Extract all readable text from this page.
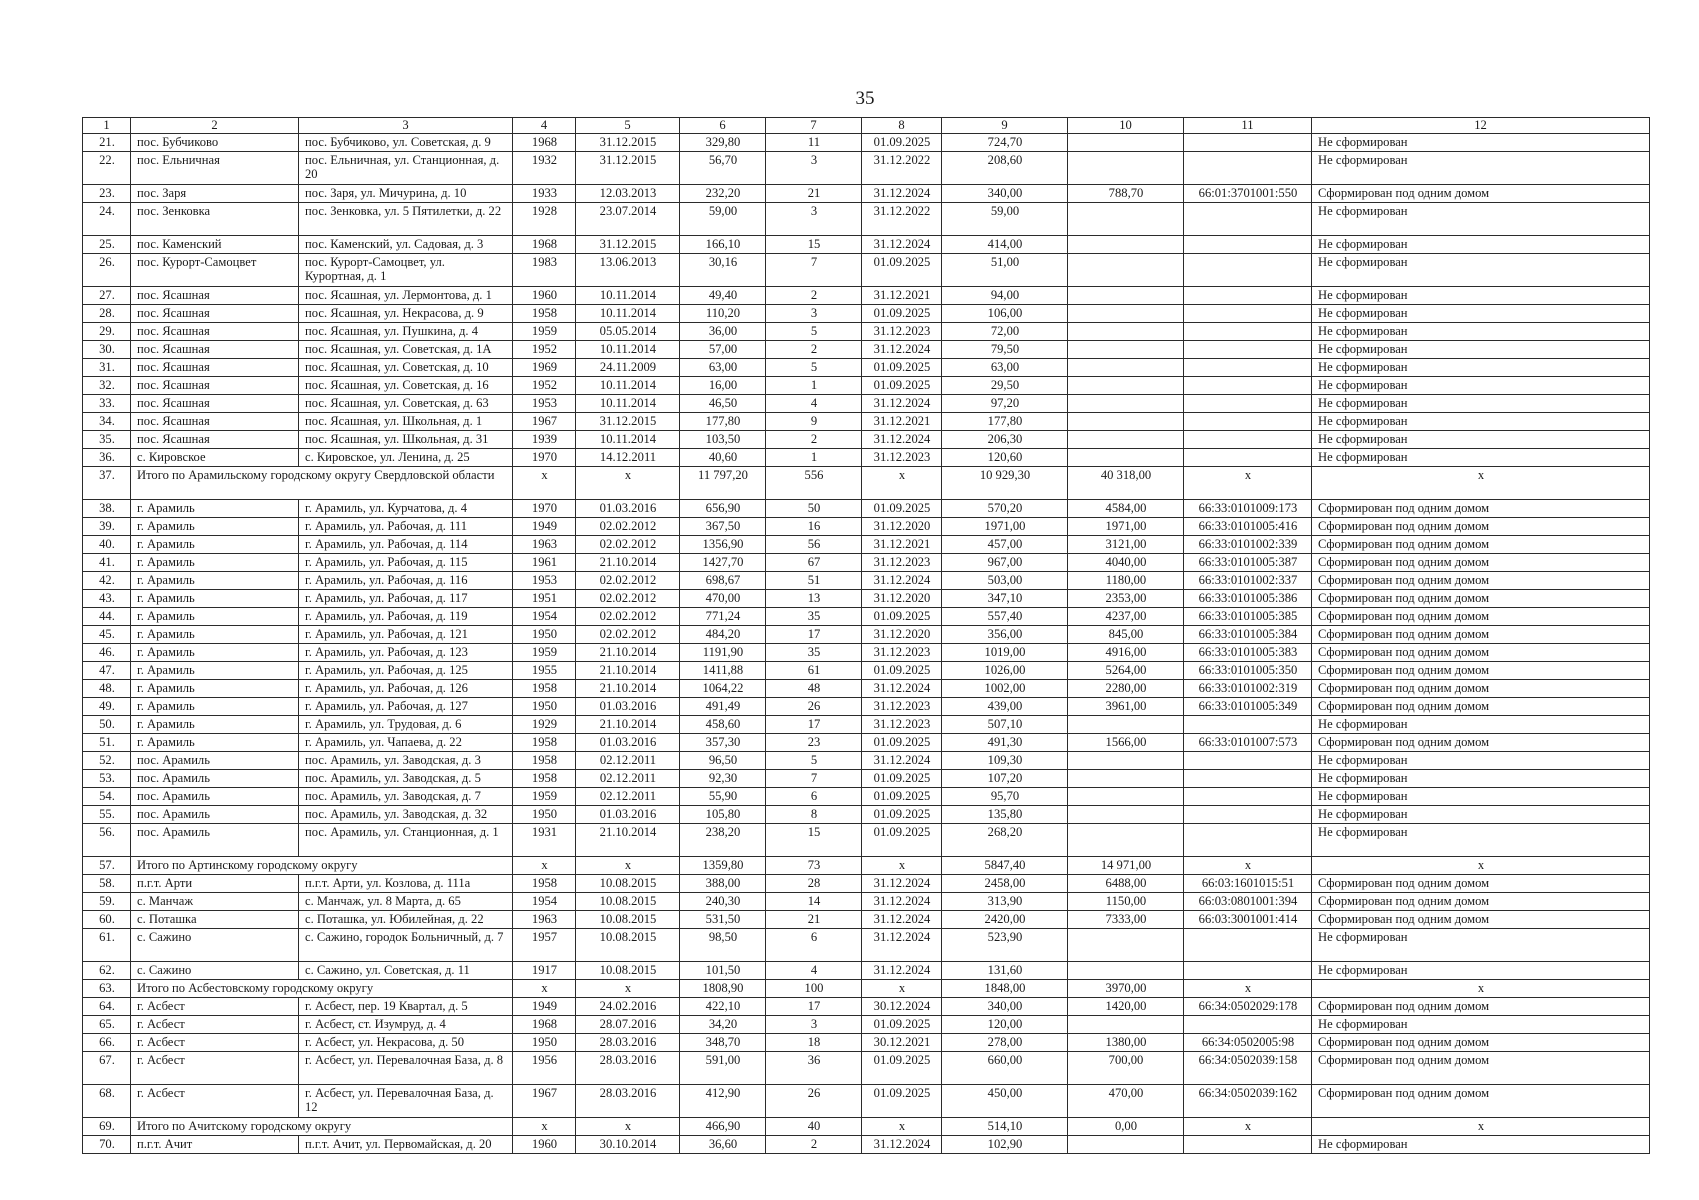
35
1	2	3	4	5	6	7	8	9	10	11	12
21.	пос. Бубчиково	пос. Бубчиково, ул. Советская, д. 9	1968	31.12.2015	329,80	11	01.09.2025	724,70			Не сформирован
22.	пос. Ельничная	пос. Ельничная, ул. Станционная, д. 20	1932	31.12.2015	56,70	3	31.12.2022	208,60			Не сформирован
23.	пос. Заря	пос. Заря, ул. Мичурина, д. 10	1933	12.03.2013	232,20	21	31.12.2024	340,00	788,70	66:01:3701001:550	Сформирован под одним домом
24.	пос. Зенковка	пос. Зенковка, ул. 5 Пятилетки, д. 22	1928	23.07.2014	59,00	3	31.12.2022	59,00			Не сформирован
25.	пос. Каменский	пос. Каменский, ул. Садовая, д. 3	1968	31.12.2015	166,10	15	31.12.2024	414,00			Не сформирован
26.	пос. Курорт-Самоцвет	пос. Курорт-Самоцвет, ул. Курортная, д. 1	1983	13.06.2013	30,16	7	01.09.2025	51,00			Не сформирован
27.	пос. Ясашная	пос. Ясашная, ул. Лермонтова, д. 1	1960	10.11.2014	49,40	2	31.12.2021	94,00			Не сформирован
28.	пос. Ясашная	пос. Ясашная, ул. Некрасова, д. 9	1958	10.11.2014	110,20	3	01.09.2025	106,00			Не сформирован
29.	пос. Ясашная	пос. Ясашная, ул. Пушкина, д. 4	1959	05.05.2014	36,00	5	31.12.2023	72,00			Не сформирован
30.	пос. Ясашная	пос. Ясашная, ул. Советская, д. 1А	1952	10.11.2014	57,00	2	31.12.2024	79,50			Не сформирован
31.	пос. Ясашная	пос. Ясашная, ул. Советская, д. 10	1969	24.11.2009	63,00	5	01.09.2025	63,00			Не сформирован
32.	пос. Ясашная	пос. Ясашная, ул. Советская, д. 16	1952	10.11.2014	16,00	1	01.09.2025	29,50			Не сформирован
33.	пос. Ясашная	пос. Ясашная, ул. Советская, д. 63	1953	10.11.2014	46,50	4	31.12.2024	97,20			Не сформирован
34.	пос. Ясашная	пос. Ясашная, ул. Школьная, д. 1	1967	31.12.2015	177,80	9	31.12.2021	177,80			Не сформирован
35.	пос. Ясашная	пос. Ясашная, ул. Школьная, д. 31	1939	10.11.2014	103,50	2	31.12.2024	206,30			Не сформирован
36.	с. Кировское	с. Кировское, ул. Ленина, д. 25	1970	14.12.2011	40,60	1	31.12.2023	120,60			Не сформирован
37.	Итого по Арамильскому городскому округу Свердловской области		x	x	11 797,20	556	x	10 929,30	40 318,00	x	x
38.	г. Арамиль	г. Арамиль, ул. Курчатова, д. 4	1970	01.03.2016	656,90	50	01.09.2025	570,20	4584,00	66:33:0101009:173	Сформирован под одним домом
39.	г. Арамиль	г. Арамиль, ул. Рабочая, д. 111	1949	02.02.2012	367,50	16	31.12.2020	1971,00	1971,00	66:33:0101005:416	Сформирован под одним домом
40.	г. Арамиль	г. Арамиль, ул. Рабочая, д. 114	1963	02.02.2012	1356,90	56	31.12.2021	457,00	3121,00	66:33:0101002:339	Сформирован под одним домом
41.	г. Арамиль	г. Арамиль, ул. Рабочая, д. 115	1961	21.10.2014	1427,70	67	31.12.2023	967,00	4040,00	66:33:0101005:387	Сформирован под одним домом
42.	г. Арамиль	г. Арамиль, ул. Рабочая, д. 116	1953	02.02.2012	698,67	51	31.12.2024	503,00	1180,00	66:33:0101002:337	Сформирован под одним домом
43.	г. Арамиль	г. Арамиль, ул. Рабочая, д. 117	1951	02.02.2012	470,00	13	31.12.2020	347,10	2353,00	66:33:0101005:386	Сформирован под одним домом
44.	г. Арамиль	г. Арамиль, ул. Рабочая, д. 119	1954	02.02.2012	771,24	35	01.09.2025	557,40	4237,00	66:33:0101005:385	Сформирован под одним домом
45.	г. Арамиль	г. Арамиль, ул. Рабочая, д. 121	1950	02.02.2012	484,20	17	31.12.2020	356,00	845,00	66:33:0101005:384	Сформирован под одним домом
46.	г. Арамиль	г. Арамиль, ул. Рабочая, д. 123	1959	21.10.2014	1191,90	35	31.12.2023	1019,00	4916,00	66:33:0101005:383	Сформирован под одним домом
47.	г. Арамиль	г. Арамиль, ул. Рабочая, д. 125	1955	21.10.2014	1411,88	61	01.09.2025	1026,00	5264,00	66:33:0101005:350	Сформирован под одним домом
48.	г. Арамиль	г. Арамиль, ул. Рабочая, д. 126	1958	21.10.2014	1064,22	48	31.12.2024	1002,00	2280,00	66:33:0101002:319	Сформирован под одним домом
49.	г. Арамиль	г. Арамиль, ул. Рабочая, д. 127	1950	01.03.2016	491,49	26	31.12.2023	439,00	3961,00	66:33:0101005:349	Сформирован под одним домом
50.	г. Арамиль	г. Арамиль, ул. Трудовая, д. 6	1929	21.10.2014	458,60	17	31.12.2023	507,10			Не сформирован
51.	г. Арамиль	г. Арамиль, ул. Чапаева, д. 22	1958	01.03.2016	357,30	23	01.09.2025	491,30	1566,00	66:33:0101007:573	Сформирован под одним домом
52.	пос. Арамиль	пос. Арамиль, ул. Заводская, д. 3	1958	02.12.2011	96,50	5	31.12.2024	109,30			Не сформирован
53.	пос. Арамиль	пос. Арамиль, ул. Заводская, д. 5	1958	02.12.2011	92,30	7	01.09.2025	107,20			Не сформирован
54.	пос. Арамиль	пос. Арамиль, ул. Заводская, д. 7	1959	02.12.2011	55,90	6	01.09.2025	95,70			Не сформирован
55.	пос. Арамиль	пос. Арамиль, ул. Заводская, д. 32	1950	01.03.2016	105,80	8	01.09.2025	135,80			Не сформирован
56.	пос. Арамиль	пос. Арамиль, ул. Станционная, д. 1	1931	21.10.2014	238,20	15	01.09.2025	268,20			Не сформирован
57.	Итого по Артинскому городскому округу		x	x	1359,80	73	x	5847,40	14 971,00	x	x
58.	п.г.т. Арти	п.г.т. Арти, ул. Козлова, д. 111а	1958	10.08.2015	388,00	28	31.12.2024	2458,00	6488,00	66:03:1601015:51	Сформирован под одним домом
59.	с. Манчаж	с. Манчаж, ул. 8 Марта, д. 65	1954	10.08.2015	240,30	14	31.12.2024	313,90	1150,00	66:03:0801001:394	Сформирован под одним домом
60.	с. Поташка	с. Поташка, ул. Юбилейная, д. 22	1963	10.08.2015	531,50	21	31.12.2024	2420,00	7333,00	66:03:3001001:414	Сформирован под одним домом
61.	с. Сажино	с. Сажино, городок Больничный, д. 7	1957	10.08.2015	98,50	6	31.12.2024	523,90			Не сформирован
62.	с. Сажино	с. Сажино, ул. Советская, д. 11	1917	10.08.2015	101,50	4	31.12.2024	131,60			Не сформирован
63.	Итого по Асбестовскому городскому округу		x	x	1808,90	100	x	1848,00	3970,00	x	x
64.	г. Асбест	г. Асбест, пер. 19 Квартал, д. 5	1949	24.02.2016	422,10	17	30.12.2024	340,00	1420,00	66:34:0502029:178	Сформирован под одним домом
65.	г. Асбест	г. Асбест, ст. Изумруд, д. 4	1968	28.07.2016	34,20	3	01.09.2025	120,00			Не сформирован
66.	г. Асбест	г. Асбест, ул. Некрасова, д. 50	1950	28.03.2016	348,70	18	30.12.2021	278,00	1380,00	66:34:0502005:98	Сформирован под одним домом
67.	г. Асбест	г. Асбест, ул. Перевалочная База, д. 8	1956	28.03.2016	591,00	36	01.09.2025	660,00	700,00	66:34:0502039:158	Сформирован под одним домом
68.	г. Асбест	г. Асбест, ул. Перевалочная База, д. 12	1967	28.03.2016	412,90	26	01.09.2025	450,00	470,00	66:34:0502039:162	Сформирован под одним домом
69.	Итого по Ачитскому городскому округу		x	x	466,90	40	x	514,10	0,00	x	x
70.	п.г.т. Ачит	п.г.т. Ачит, ул. Первомайская, д. 20	1960	30.10.2014	36,60	2	31.12.2024	102,90			Не сформирован
